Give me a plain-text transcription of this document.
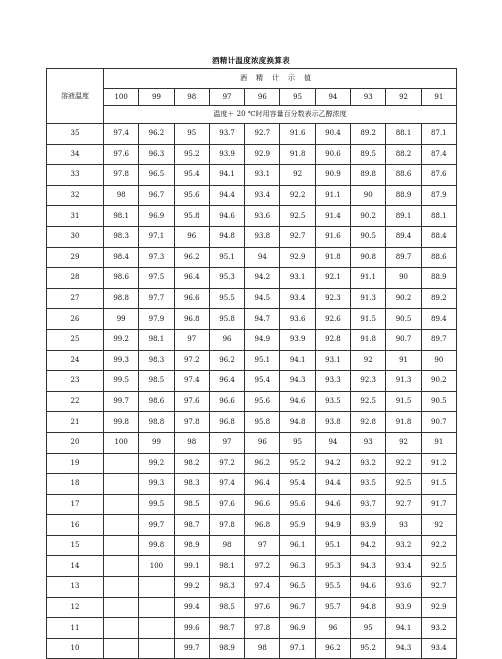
酒精计温度浓度换算表
溶液温度	酒精计示值									
	100	99	98	97	96	95	94	93	92	91
	温度＋ 20 ℃时用容量百分数表示乙醇浓度									
35	97.4	96.2	95	93.7	92.7	91.6	90.4	89.2	88.1	87.1
34	97.6	96.3	95.2	93.9	92.9	91.8	90.6	89.5	88.2	87.4
33	97.8	96.5	95.4	94.1	93.1	92	90.9	89.8	88.6	87.6
32	98	96.7	95.6	94.4	93.4	92.2	91.1	90	88.9	87.9
31	98.1	96.9	95.8	94.6	93.6	92.5	91.4	90.2	89.1	88.1
30	98.3	97.1	96	94.8	93.8	92.7	91.6	90.5	89.4	88.4
29	98.4	97.3	96.2	95.1	94	92.9	91.8	90.8	89.7	88.6
28	98.6	97.5	96.4	95.3	94.2	93.1	92.1	91.1	90	88.9
27	98.8	97.7	96.6	95.5	94.5	93.4	92.3	91.3	90.2	89.2
26	99	97.9	96.8	95.8	94.7	93.6	92.6	91.5	90.5	89.4
25	99.2	98.1	97	96	94.9	93.9	92.8	91.8	90.7	89.7
24	99.3	98.3	97.2	96.2	95.1	94.1	93.1	92	91	90
23	99.5	98.5	97.4	96.4	95.4	94.3	93.3	92.3	91.3	90.2
22	99.7	98.6	97.6	96.6	95.6	94.6	93.5	92.5	91.5	90.5
21	99.8	98.8	97.8	96.8	95.8	94.8	93.8	92.8	91.8	90.7
20	100	99	98	97	96	95	94	93	92	91
19		99.2	98.2	97.2	96.2	95.2	94.2	93.2	92.2	91.2
18		99.3	98.3	97.4	96.4	95.4	94.4	93.5	92.5	91.5
17		99.5	98.5	97.6	96.6	95.6	94.6	93.7	92.7	91.7
16		99.7	98.7	97.8	96.8	95.9	94.9	93.9	93	92
15		99.8	98.9	98	97	96.1	95.1	94.2	93.2	92.2
14		100	99.1	98.1	97.2	96.3	95.3	94.3	93.4	92.5
13			99.2	98.3	97.4	96.5	95.5	94.6	93.6	92.7
12			99.4	98.5	97.6	96.7	95.7	94.8	93.9	92.9
11			99.6	98.7	97.8	96.9	96	95	94.1	93.2
10			99.7	98.9	98	97.1	96.2	95.2	94.3	93.4
